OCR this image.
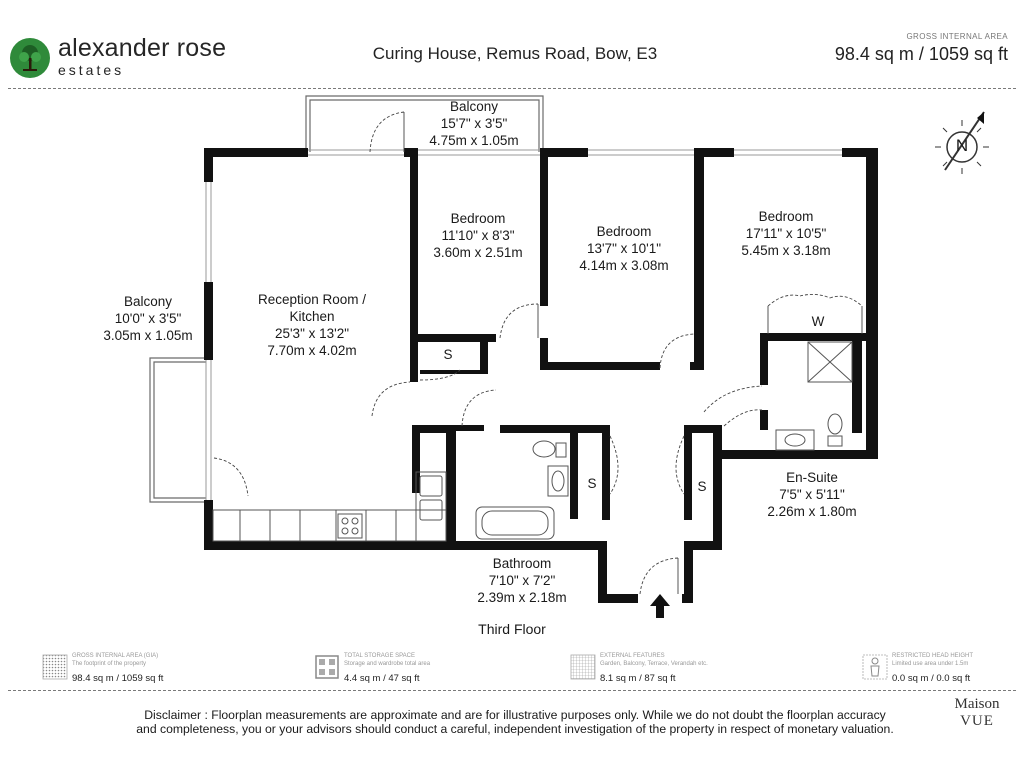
alexander rose
estates
Curing House, Remus Road, Bow, E3
GROSS INTERNAL AREA
98.4 sq m / 1059 sq ft
N
Balcony
15'7" x 3'5"
4.75m x 1.05m
Balcony
10'0" x 3'5"
3.05m x 1.05m
Reception Room /
Kitchen
25'3" x 13'2"
7.70m x 4.02m
Bedroom
11'10" x 8'3"
3.60m x 2.51m
Bedroom
13'7" x 10'1"
4.14m x 3.08m
Bedroom
17'11" x 10'5"
5.45m x 3.18m
En-Suite
7'5" x 5'11"
2.26m x 1.80m
Bathroom
7'10" x 7'2"
2.39m x 2.18m
S
S	S
W
Third Floor
GROSS INTERNAL AREA (GIA)
The footprint of the property
98.4 sq m / 1059 sq ft
TOTAL STORAGE SPACE
Storage and wardrobe total area
4.4 sq m / 47 sq ft
EXTERNAL FEATURES
Garden, Balcony, Terrace, Verandah etc.
8.1 sq m / 87 sq ft
RESTRICTED HEAD HEIGHT
Limited use area under 1.5m
0.0 sq m / 0.0 sq ft
Disclaimer : Floorplan measurements are approximate and are for illustrative purposes only. While we do not doubt the floorplan accuracy
and completeness, you or your advisors should conduct a careful, independent investigation of the property in respect of monetary valuation.
Maison
VUE
